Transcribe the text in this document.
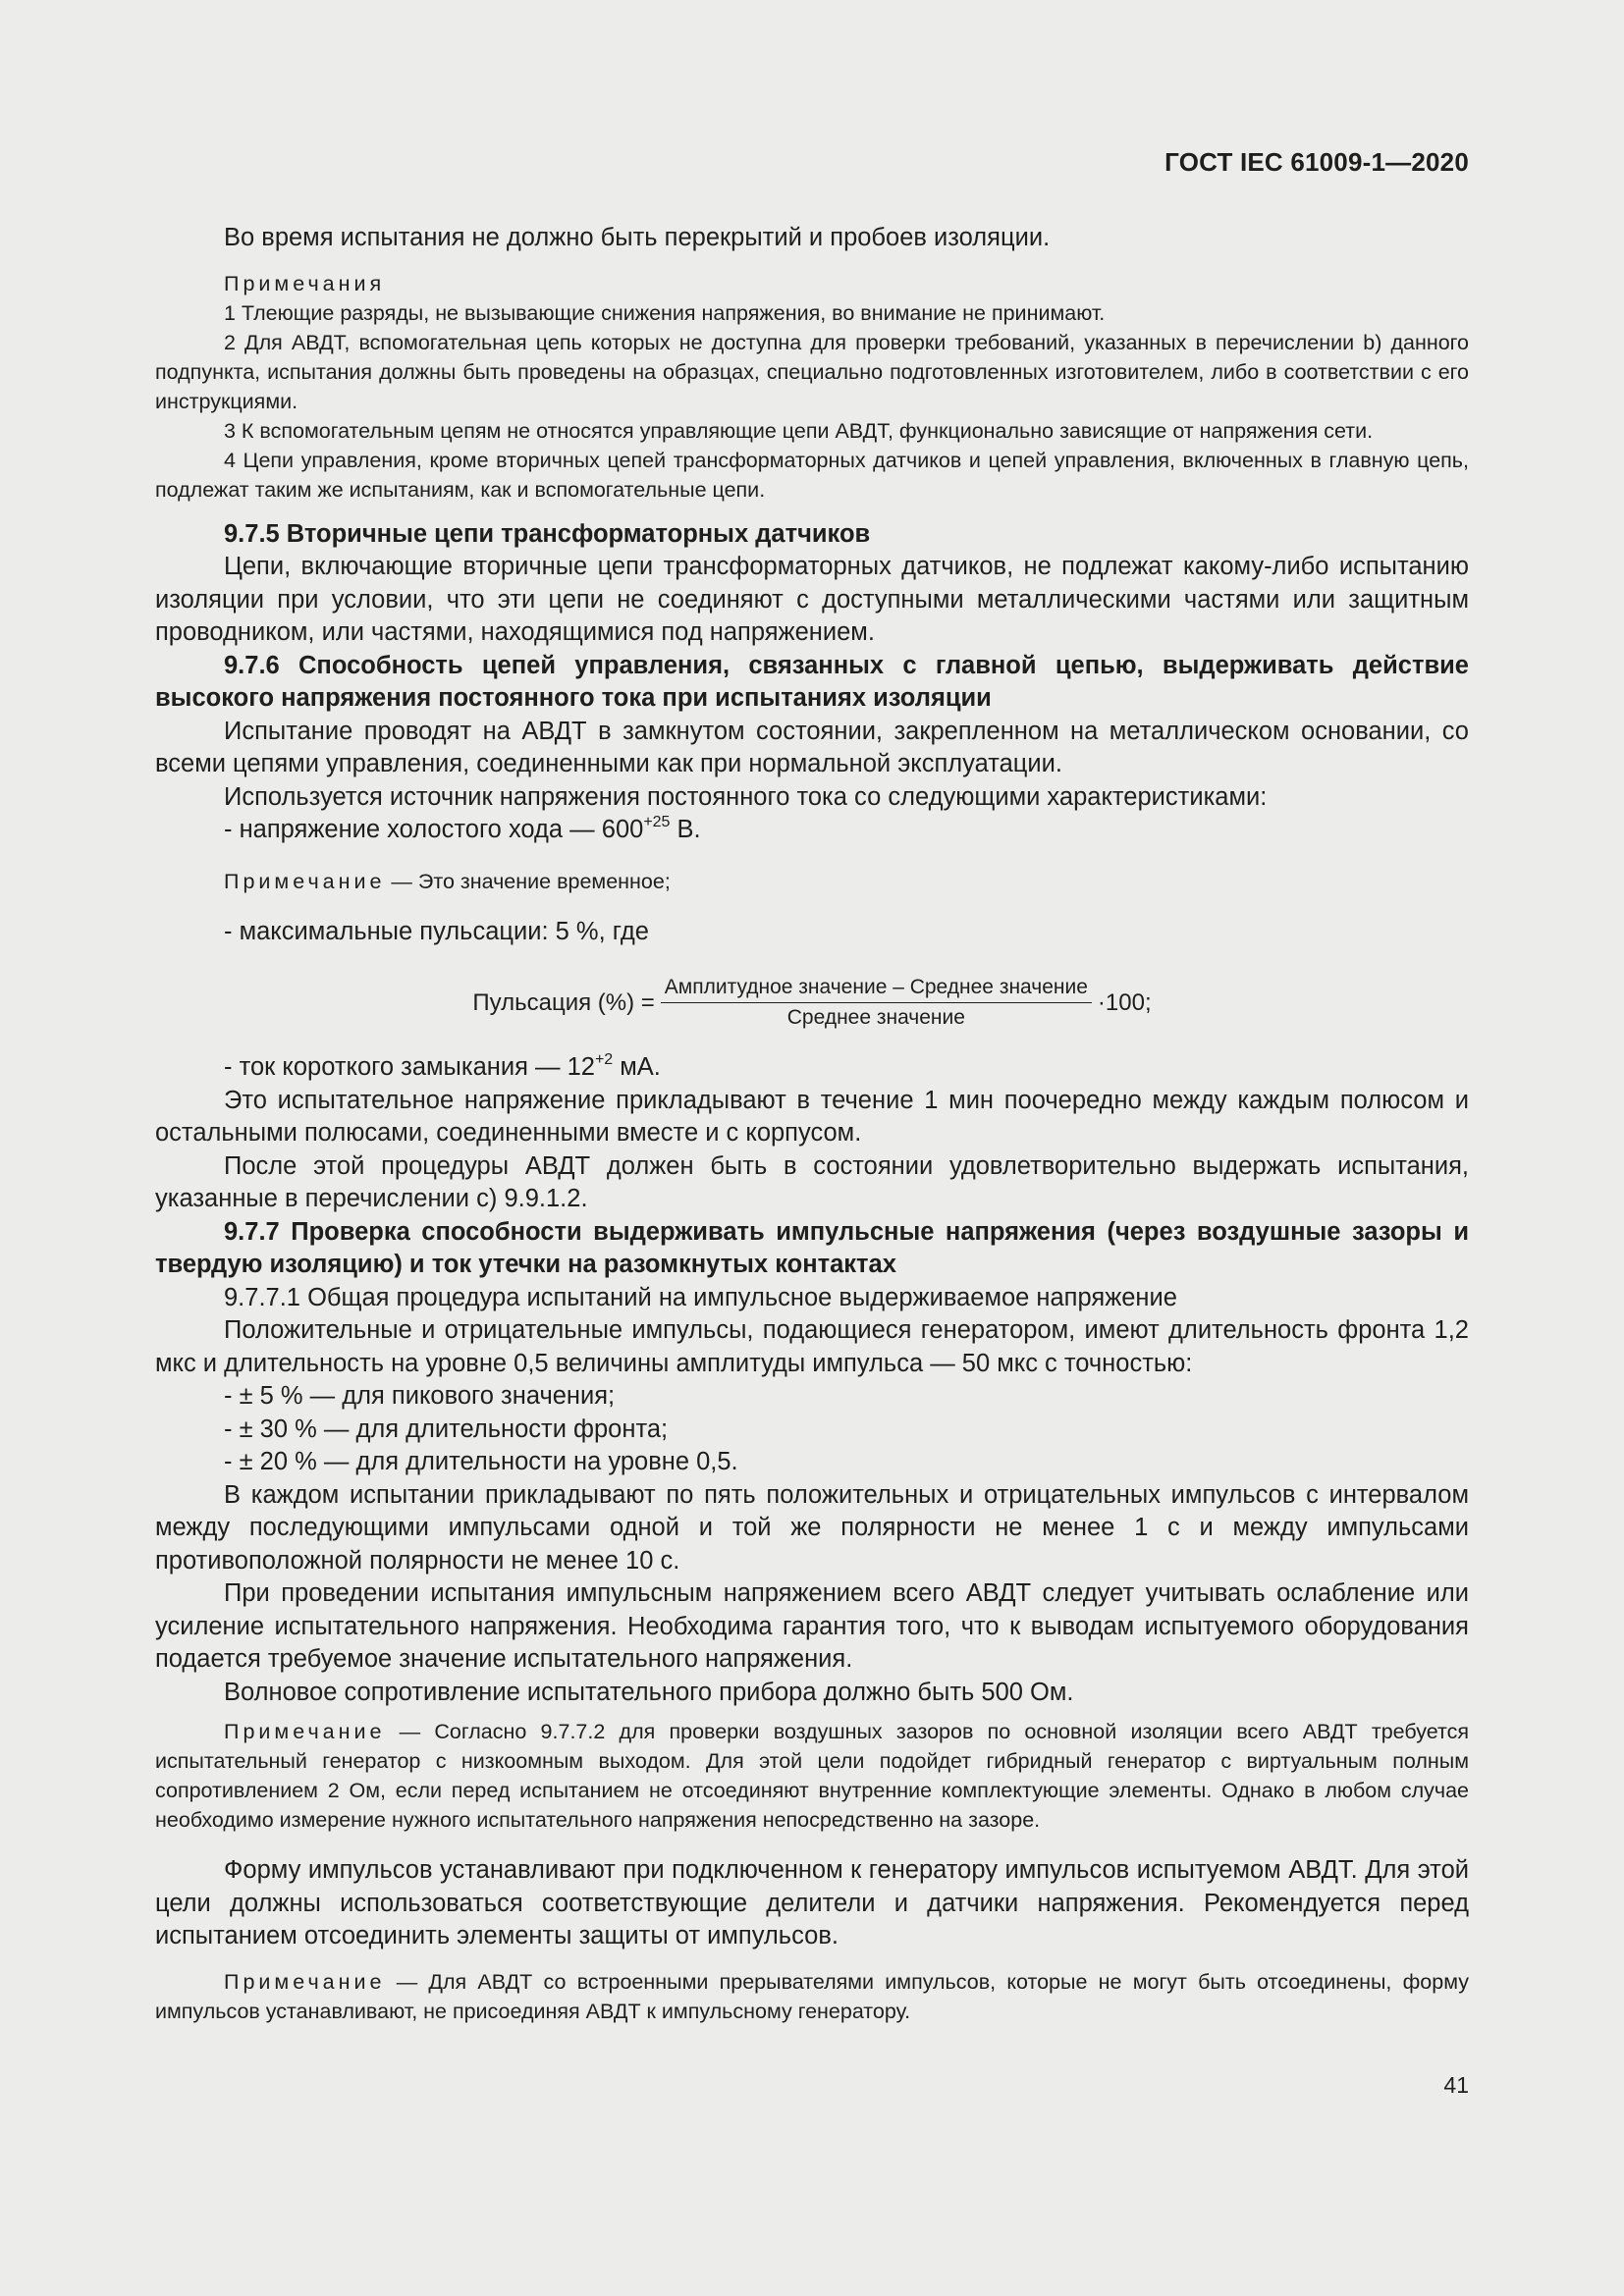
ГОСТ IEC 61009-1—2020

Во время испытания не должно быть перекрытий и пробоев изоляции.

Примечания

1 Тлеющие разряды, не вызывающие снижения напряжения, во внимание не принимают.

2 Для АВДТ, вспомогательная цепь которых не доступна для проверки требований, указанных в перечислении b) данного подпункта, испытания должны быть проведены на образцах, специально подготовленных изготовителем, либо в соответствии с его инструкциями.

3 К вспомогательным цепям не относятся управляющие цепи АВДТ, функционально зависящие от напряжения сети.

4 Цепи управления, кроме вторичных цепей трансформаторных датчиков и цепей управления, включенных в главную цепь, подлежат таким же испытаниям, как и вспомогательные цепи.

9.7.5 Вторичные цепи трансформаторных датчиков

Цепи, включающие вторичные цепи трансформаторных датчиков, не подлежат какому-либо испытанию изоляции при условии, что эти цепи не соединяют с доступными металлическими частями или защитным проводником, или частями, находящимися под напряжением.

9.7.6 Способность цепей управления, связанных с главной цепью, выдерживать действие высокого напряжения постоянного тока при испытаниях изоляции

Испытание проводят на АВДТ в замкнутом состоянии, закрепленном на металлическом основании, со всеми цепями управления, соединенными как при нормальной эксплуатации.

Используется источник напряжения постоянного тока со следующими характеристиками:

- напряжение холостого хода — $600^{+25}$ В.

Примечание — Это значение временное;

- максимальные пульсации: 5 %, где

Пульсация (%) = $\frac{\text{Амплитудное значение – Среднее значение}}{\text{Среднее значение}} \cdot 100$;

- ток короткого замыкания — $12^{+2}$ мА.

Это испытательное напряжение прикладывают в течение 1 мин поочередно между каждым полюсом и остальными полюсами, соединенными вместе и с корпусом.

После этой процедуры АВДТ должен быть в состоянии удовлетворительно выдержать испытания, указанные в перечислении с) 9.9.1.2.

9.7.7 Проверка способности выдерживать импульсные напряжения (через воздушные зазоры и твердую изоляцию) и ток утечки на разомкнутых контактах

9.7.7.1 Общая процедура испытаний на импульсное выдерживаемое напряжение

Положительные и отрицательные импульсы, подающиеся генератором, имеют длительность фронта 1,2 мкс и длительность на уровне 0,5 величины амплитуды импульса — 50 мкс с точностью:

- ± 5 % — для пикового значения;

- ± 30 % — для длительности фронта;

- ± 20 % — для длительности на уровне 0,5.

В каждом испытании прикладывают по пять положительных и отрицательных импульсов с интервалом между последующими импульсами одной и той же полярности не менее 1 с и между импульсами противоположной полярности не менее 10 с.

При проведении испытания импульсным напряжением всего АВДТ следует учитывать ослабление или усиление испытательного напряжения. Необходима гарантия того, что к выводам испытуемого оборудования подается требуемое значение испытательного напряжения.

Волновое сопротивление испытательного прибора должно быть 500 Ом.

Примечание — Согласно 9.7.7.2 для проверки воздушных зазоров по основной изоляции всего АВДТ требуется испытательный генератор с низкоомным выходом. Для этой цели подойдет гибридный генератор с виртуальным полным сопротивлением 2 Ом, если перед испытанием не отсоединяют внутренние комплектующие элементы. Однако в любом случае необходимо измерение нужного испытательного напряжения непосредственно на зазоре.

Форму импульсов устанавливают при подключенном к генератору импульсов испытуемом АВДТ. Для этой цели должны использоваться соответствующие делители и датчики напряжения. Рекомендуется перед испытанием отсоединить элементы защиты от импульсов.

Примечание — Для АВДТ со встроенными прерывателями импульсов, которые не могут быть отсоединены, форму импульсов устанавливают, не присоединяя АВДТ к импульсному генератору.

41
